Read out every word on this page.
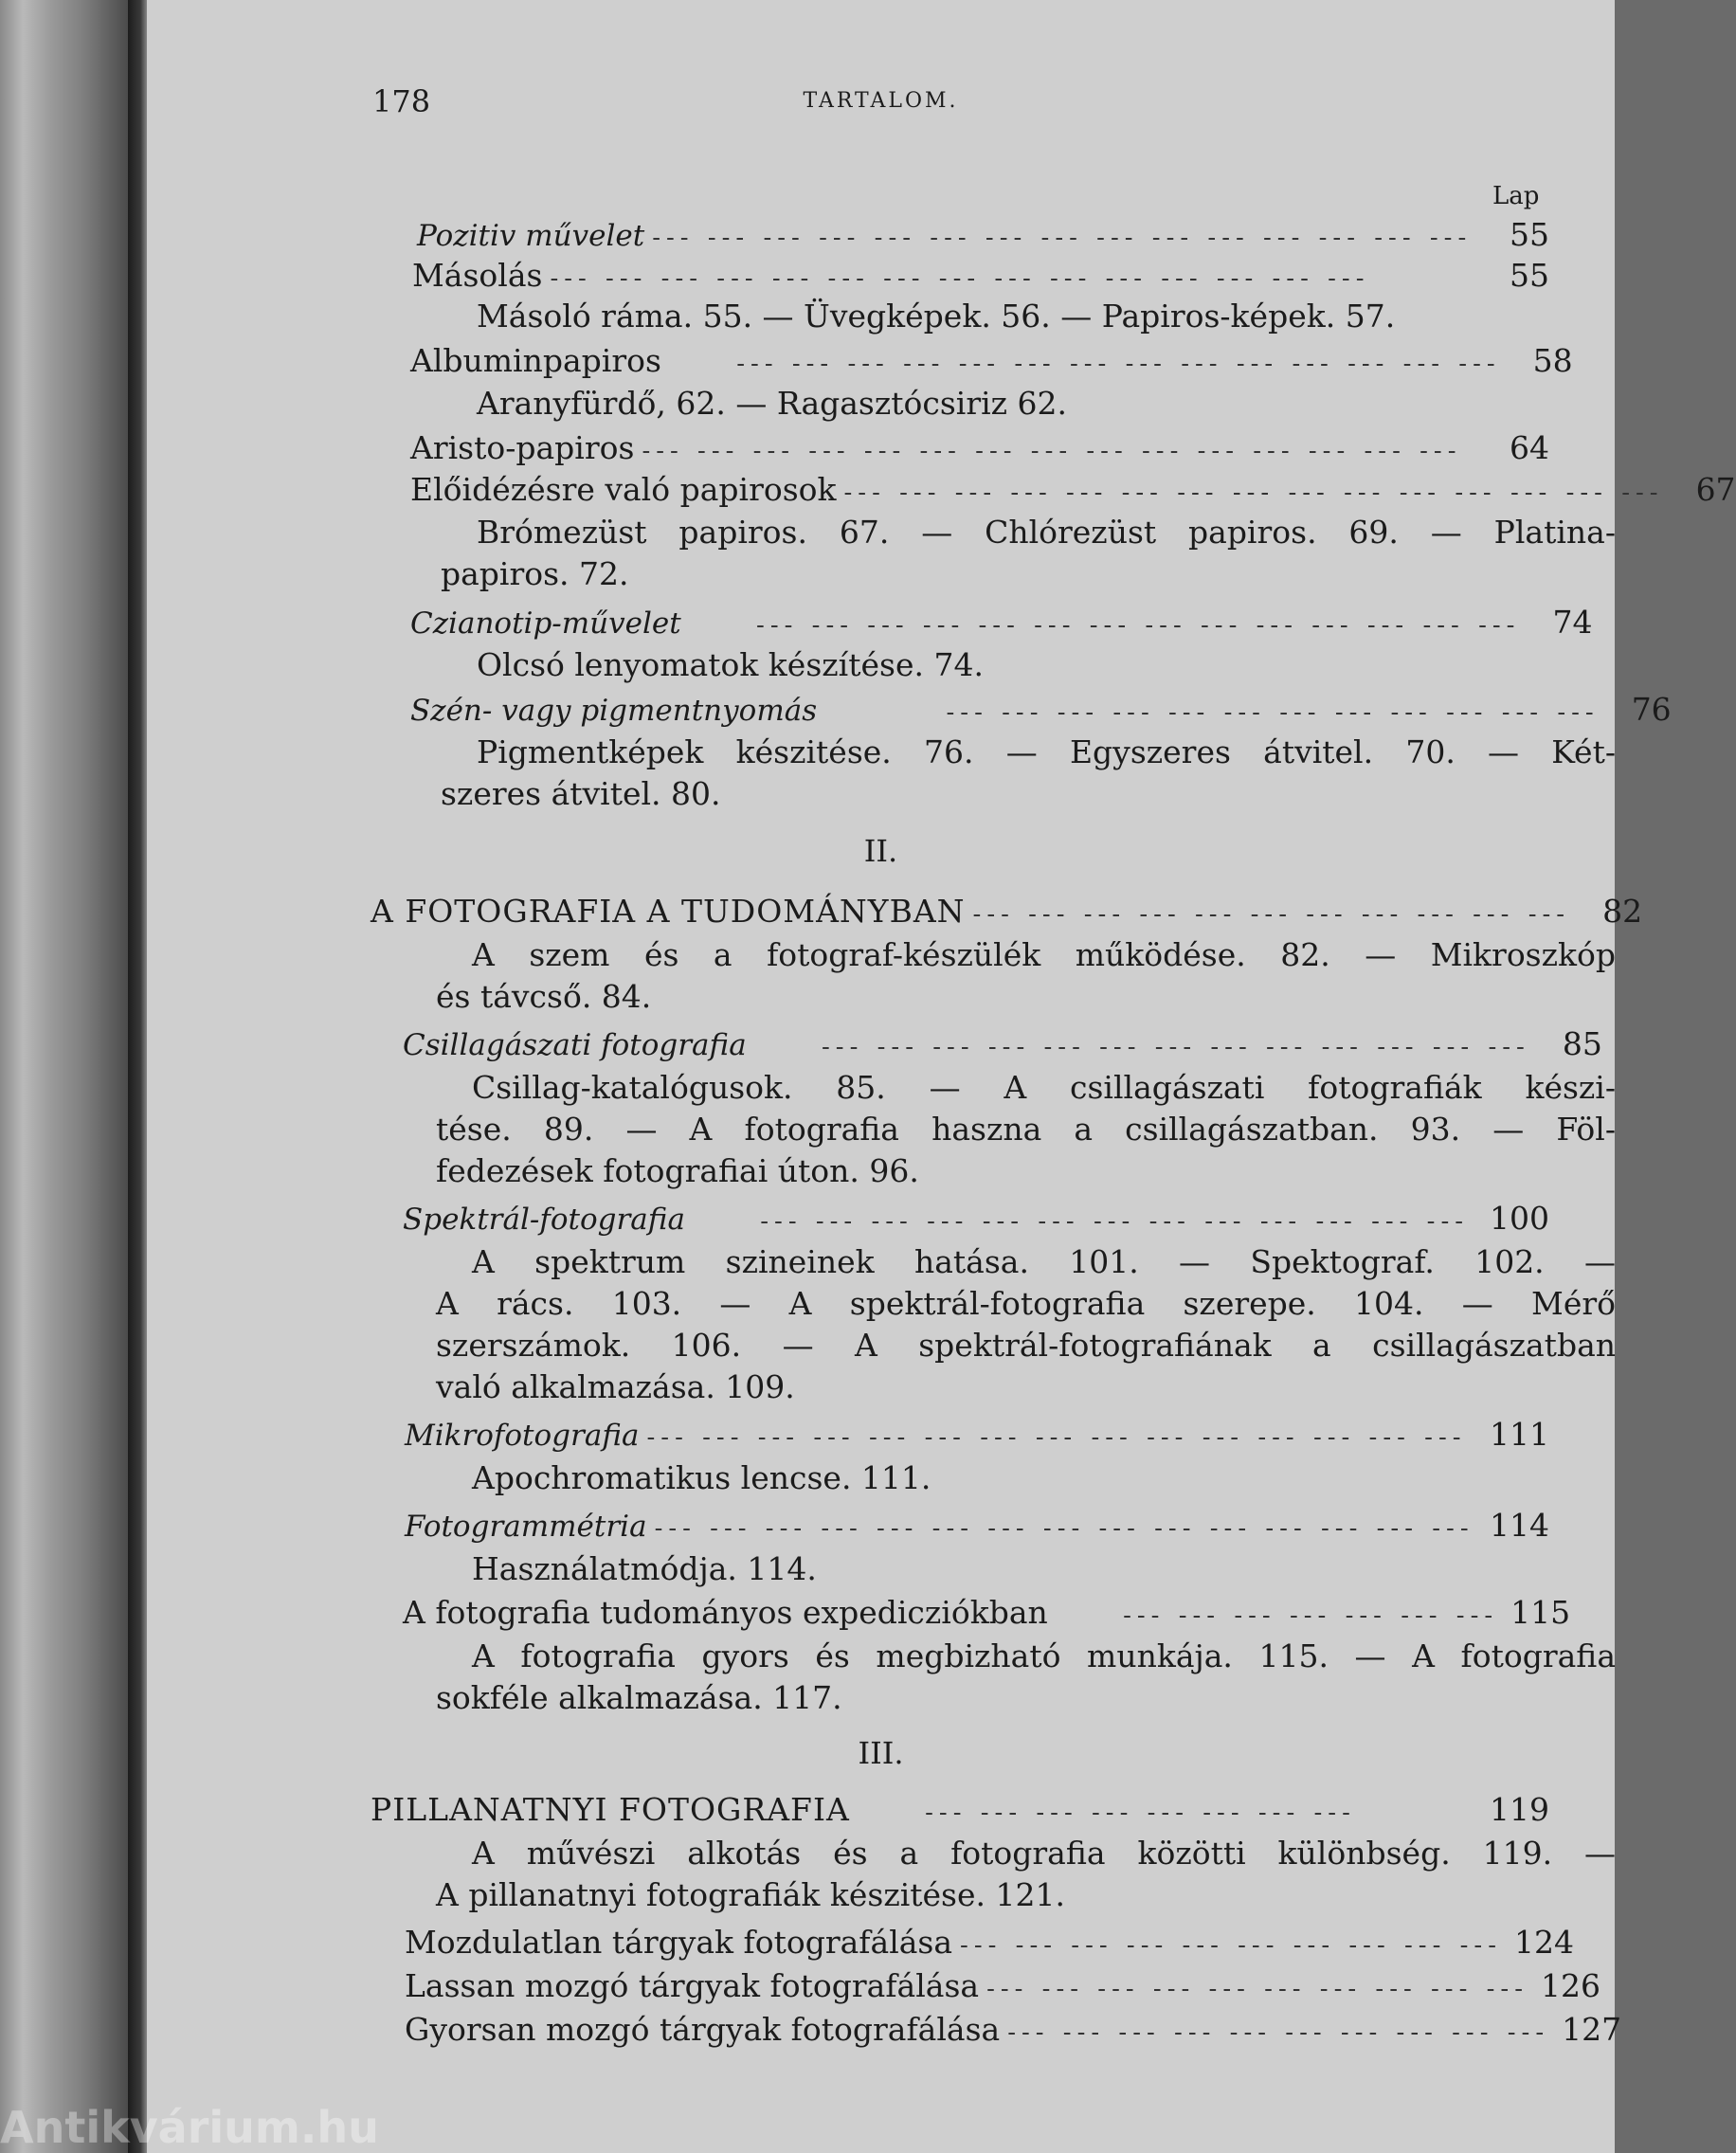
178	TARTALOM.
Lap
Pozitiv művelet --- --- --- --- --- --- --- --- --- --- --- --- --- --- ---	55
Másolás --- --- --- --- --- --- --- --- --- --- --- --- --- --- ---	55
Másoló ráma. 55. — Üvegképek. 56. — Papiros-képek. 57.
Albuminpapiros --- --- --- --- --- --- --- --- --- --- --- --- --- ---	58
Aranyfürdő, 62. — Ragasztócsiriz 62.
Aristo-papiros --- --- --- --- --- --- --- --- --- --- --- --- --- --- ---	64
Előidézésre való papirosok --- --- --- --- --- --- --- --- --- --- --- --- --- --- ---	67
Brómezüst papiros. 67. — Chlórezüst papiros. 69. — Platina-
papiros. 72.
Czianotip-művelet --- --- --- --- --- --- --- --- --- --- --- --- --- ---	74
Olcsó lenyomatok készítése. 74.
Szén- vagy pigmentnyomás --- --- --- --- --- --- --- --- --- --- --- ---	76
Pigmentképek készitése. 76. — Egyszeres átvitel. 70. — Két-
szeres átvitel. 80.
II.
A FOTOGRAFIA A TUDOMÁNYBAN --- --- --- --- --- --- --- --- --- --- ---	82
A szem és a fotograf-készülék működése. 82. — Mikroszkóp
és távcső. 84.
Csillagászati fotografia --- --- --- --- --- --- --- --- --- --- --- --- ---	85
Csillag-katalógusok. 85. — A csillagászati fotografiák készi-
tése. 89. — A fotografia haszna a csillagászatban. 93. — Föl-
fedezések fotografiai úton. 96.
Spektrál-fotografia --- --- --- --- --- --- --- --- --- --- --- --- --- 100
A spektrum szineinek hatása. 101. — Spektograf. 102. —
A rács. 103. — A spektrál-fotografia szerepe. 104. — Mérő
szerszámok. 106. — A spektrál-fotografiának a csillagászatban
való alkalmazása. 109.
Mikrofotografia --- --- --- --- --- --- --- --- --- --- --- --- --- --- --- 111
Apochromatikus lencse. 111.
Fotogrammétria --- --- --- --- --- --- --- --- --- --- --- --- --- --- --- 114
Használatmódja. 114.
A fotografia tudományos expedicziókban --- --- --- --- --- --- --- 115
A fotografia gyors és megbizható munkája. 115. — A fotografia
sokféle alkalmazása. 117.
III.
PILLANATNYI FOTOGRAFIA --- --- --- --- --- --- --- ---	119
A művészi alkotás és a fotografia közötti különbség. 119. —
A pillanatnyi fotografiák készitése. 121.
Mozdulatlan tárgyak fotografálása --- --- --- --- --- --- --- --- --- --- 124
Lassan mozgó tárgyak fotografálása --- --- --- --- --- --- --- --- --- --- 126
Gyorsan mozgó tárgyak fotografálása --- --- --- --- --- --- --- --- --- --- 127
Antikvárium.hu
